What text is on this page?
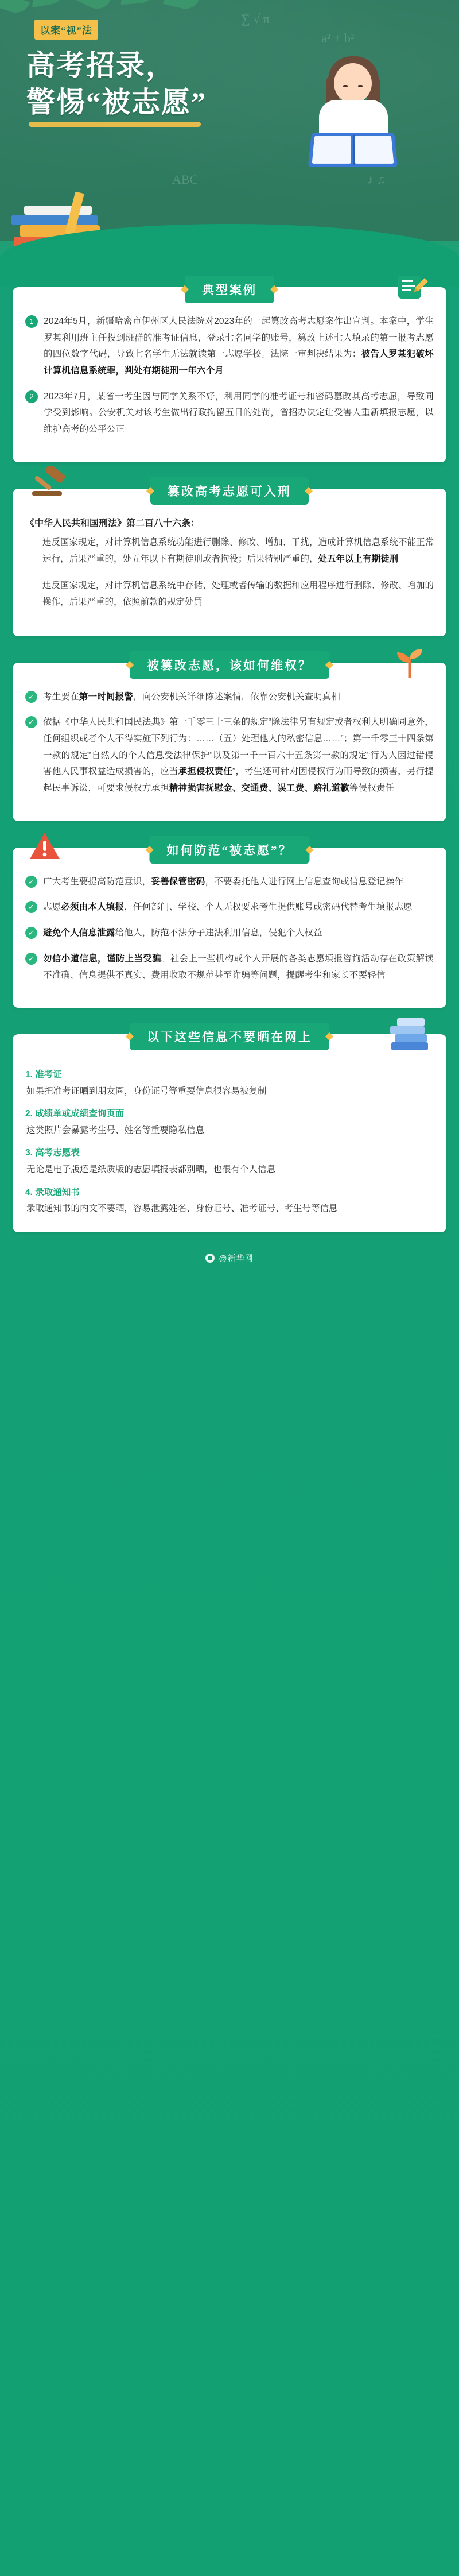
∑ √ π
a² + b²
ABC	♪ ♫
以案“视”法
高考招录，
警惕“被志愿”
典型案例
1	2024年5月，新疆哈密市伊州区人民法院对2023年的一起篡改高考志愿案作出宣判。本案中，学生罗某利用班主任投到班群的准考证信息，登录七名同学的账号，篡改上述七人填录的第一报考志愿的四位数字代码，导致七名学生无法就读第一志愿学校。法院一审判决结果为：被告人罗某犯破坏计算机信息系统罪，判处有期徒刑一年六个月
2	2023年7月，某省一考生因与同学关系不好，利用同学的准考证号和密码篡改其高考志愿，导致同学受到影响。公安机关对该考生做出行政拘留五日的处罚，省招办决定让受害人重新填报志愿，以维护高考的公平公正
篡改高考志愿可入刑
《中华人民共和国刑法》第二百八十六条：
违反国家规定，对计算机信息系统功能进行删除、修改、增加、干扰，造成计算机信息系统不能正常运行，后果严重的，处五年以下有期徒刑或者拘役；后果特别严重的，处五年以上有期徒刑
违反国家规定，对计算机信息系统中存储、处理或者传输的数据和应用程序进行删除、修改、增加的操作，后果严重的，依照前款的规定处罚
被篡改志愿，该如何维权？
✓ 考生要在第一时间报警，向公安机关详细陈述案情，依靠公安机关查明真相
✓ 依据《中华人民共和国民法典》第一千零三十三条的规定“除法律另有规定或者权利人明确同意外，任何组织或者个人不得实施下列行为：……（五）处理他人的私密信息……”；第一千零三十四条第一款的规定“自然人的个人信息受法律保护”以及第一千一百六十五条第一款的规定“行为人因过错侵害他人民事权益造成损害的，应当承担侵权责任”，考生还可针对因侵权行为而导致的损害，另行提起民事诉讼，可要求侵权方承担精神损害抚慰金、交通费、误工费、赔礼道歉等侵权责任
如何防范“被志愿”？
✓ 广大考生要提高防范意识，妥善保管密码，不要委托他人进行网上信息查询或信息登记操作
✓ 志愿必须由本人填报，任何部门、学校、个人无权要求考生提供账号或密码代替考生填报志愿
✓ 避免个人信息泄露给他人，防范不法分子违法利用信息，侵犯个人权益
✓ 勿信小道信息，谨防上当受骗。社会上一些机构或个人开展的各类志愿填报咨询活动存在政策解读不准确、信息提供不真实、费用收取不规范甚至诈骗等问题，提醒考生和家长不要轻信
以下这些信息不要晒在网上
1. 准考证
如果把准考证晒到朋友圈，身份证号等重要信息很容易被复制
2. 成绩单或成绩查询页面
这类照片会暴露考生号、姓名等重要隐私信息
3. 高考志愿表
无论是电子版还是纸质版的志愿填报表都别晒，也很有个人信息
4. 录取通知书
录取通知书的内文不要晒，容易泄露姓名、身份证号、准考证号、考生号等信息
@新华网
